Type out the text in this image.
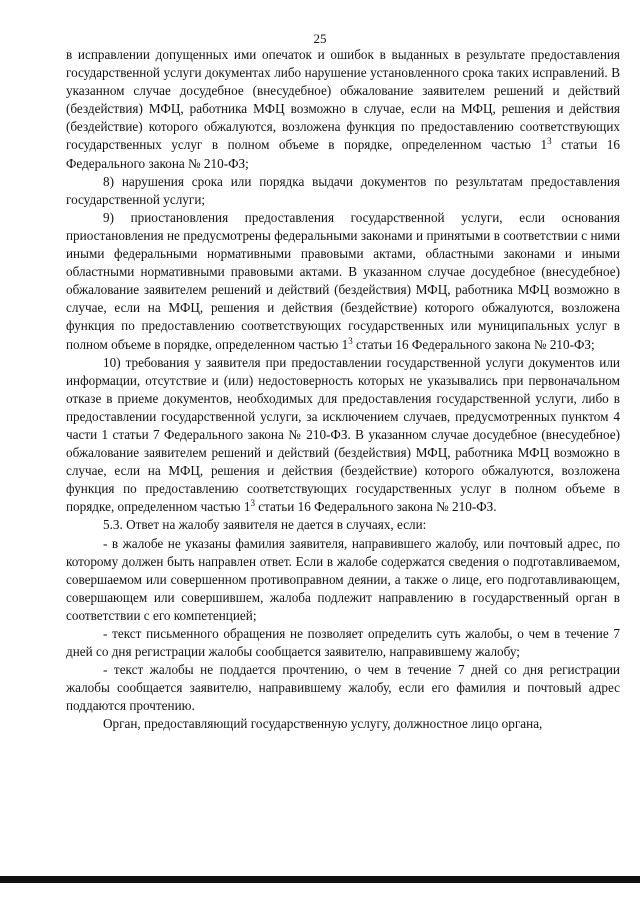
25

в исправлении допущенных ими опечаток и ошибок в выданных в результате предоставления государственной услуги документах либо нарушение установленного срока таких исправлений. В указанном случае досудебное (внесудебное) обжалование заявителем решений и действий (бездействия) МФЦ, работника МФЦ возможно в случае, если на МФЦ, решения и действия (бездействие) которого обжалуются, возложена функция по предоставлению соответствующих государственных услуг в полном объеме в порядке, определенном частью $1^3$ статьи 16 Федерального закона № 210-ФЗ;

8) нарушения срока или порядка выдачи документов по результатам предоставления государственной услуги;

9) приостановления предоставления государственной услуги, если основания приостановления не предусмотрены федеральными законами и принятыми в соответствии с ними иными федеральными нормативными правовыми актами, областными законами и иными областными нормативными правовыми актами. В указанном случае досудебное (внесудебное) обжалование заявителем решений и действий (бездействия) МФЦ, работника МФЦ возможно в случае, если на МФЦ, решения и действия (бездействие) которого обжалуются, возложена функция по предоставлению соответствующих государственных или муниципальных услуг в полном объеме в порядке, определенном частью $1^3$ статьи 16 Федерального закона № 210-ФЗ;

10) требования у заявителя при предоставлении государственной услуги документов или информации, отсутствие и (или) недостоверность которых не указывались при первоначальном отказе в приеме документов, необходимых для предоставления государственной услуги, либо в предоставлении государственной услуги, за исключением случаев, предусмотренных пунктом 4 части 1 статьи 7 Федерального закона № 210-ФЗ. В указанном случае досудебное (внесудебное) обжалование заявителем решений и действий (бездействия) МФЦ, работника МФЦ возможно в случае, если на МФЦ, решения и действия (бездействие) которого обжалуются, возложена функция по предоставлению соответствующих государственных услуг в полном объеме в порядке, определенном частью $1^3$ статьи 16 Федерального закона № 210-ФЗ.

5.3. Ответ на жалобу заявителя не дается в случаях, если:

- в жалобе не указаны фамилия заявителя, направившего жалобу, или почтовый адрес, по которому должен быть направлен ответ. Если в жалобе содержатся сведения о подготавливаемом, совершаемом или совершенном противоправном деянии, а также о лице, его подготавливающем, совершающем или совершившем, жалоба подлежит направлению в государственный орган в соответствии с его компетенцией;

- текст письменного обращения не позволяет определить суть жалобы, о чем в течение 7 дней со дня регистрации жалобы сообщается заявителю, направившему жалобу;

- текст жалобы не поддается прочтению, о чем в течение 7 дней со дня регистрации жалобы сообщается заявителю, направившему жалобу, если его фамилия и почтовый адрес поддаются прочтению.

Орган, предоставляющий государственную услугу, должностное лицо органа,
